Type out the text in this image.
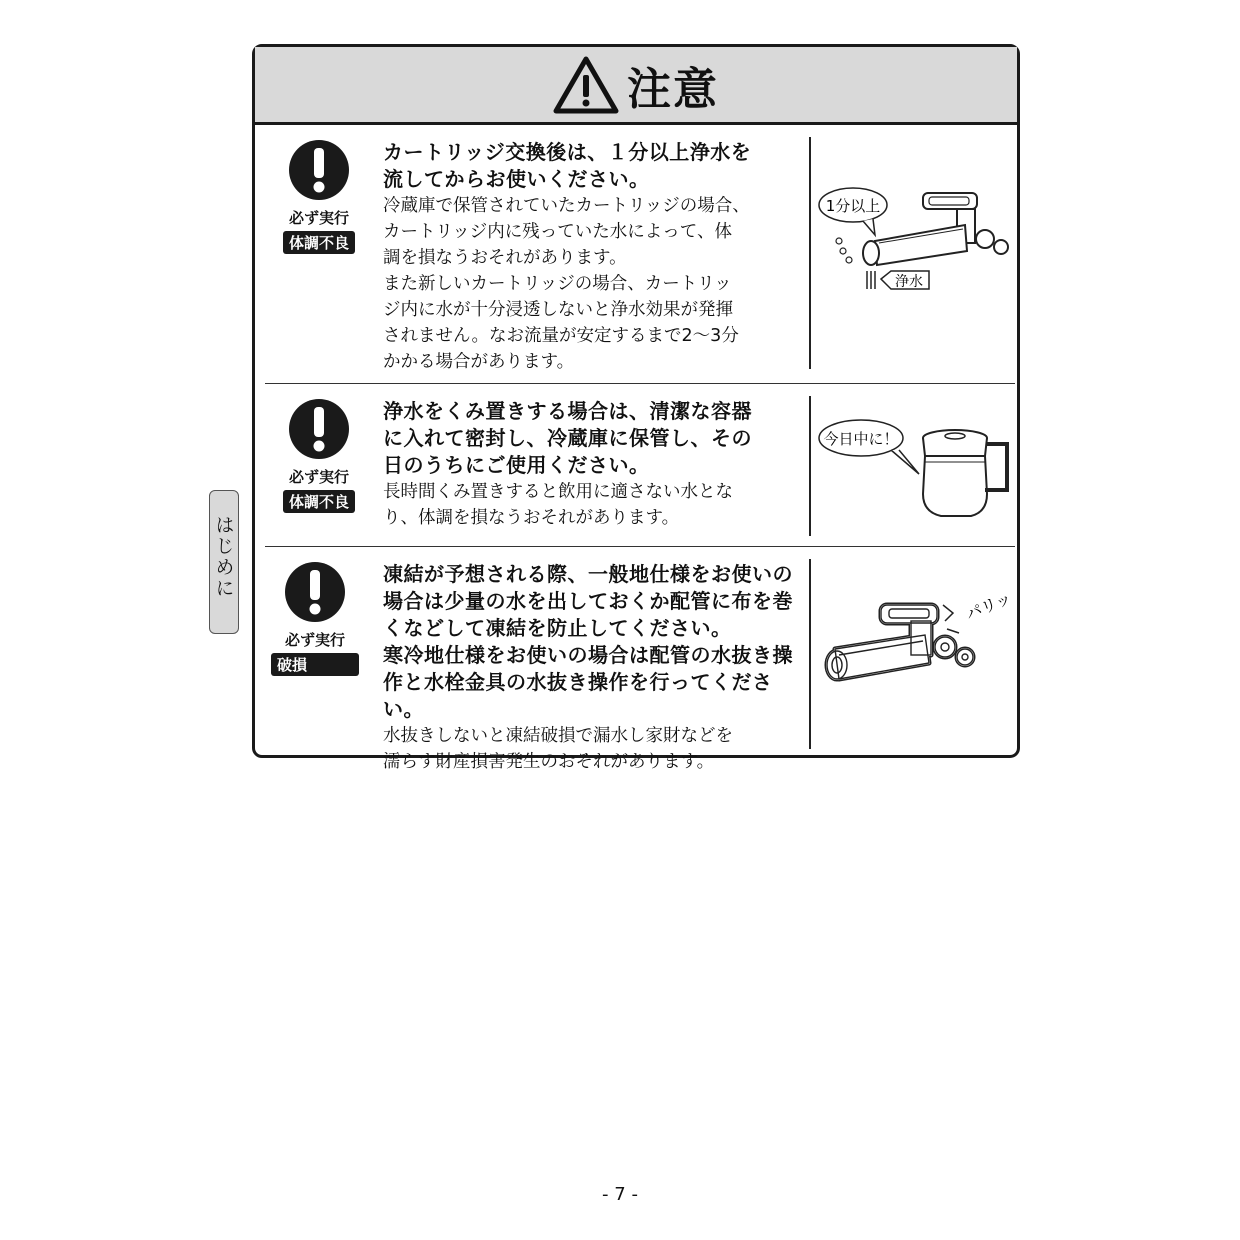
はじめに
注意
必ず実行
体調不良
カートリッジ交換後は、１分以上浄水を
流してからお使いください。
冷蔵庫で保管されていたカートリッジの場合、
カートリッジ内に残っていた水によって、体
調を損なうおそれがあります。
また新しいカートリッジの場合、カートリッ
ジ内に水が十分浸透しないと浄水効果が発揮
されません。なお流量が安定するまで2～3分
かかる場合があります。
1分以上
浄水
必ず実行
体調不良
浄水をくみ置きする場合は、清潔な容器
に入れて密封し、冷蔵庫に保管し、その
日のうちにご使用ください。
長時間くみ置きすると飲用に適さない水とな
り、体調を損なうおそれがあります。
今日中に！
必ず実行
破損
凍結が予想される際、一般地仕様をお使いの
場合は少量の水を出しておくか配管に布を巻
くなどして凍結を防止してください。
寒冷地仕様をお使いの場合は配管の水抜き操
作と水栓金具の水抜き操作を行ってください。
水抜きしないと凍結破損で漏水し家財などを
濡らす財産損害発生のおそれがあります。
パリッ
- 7 -
